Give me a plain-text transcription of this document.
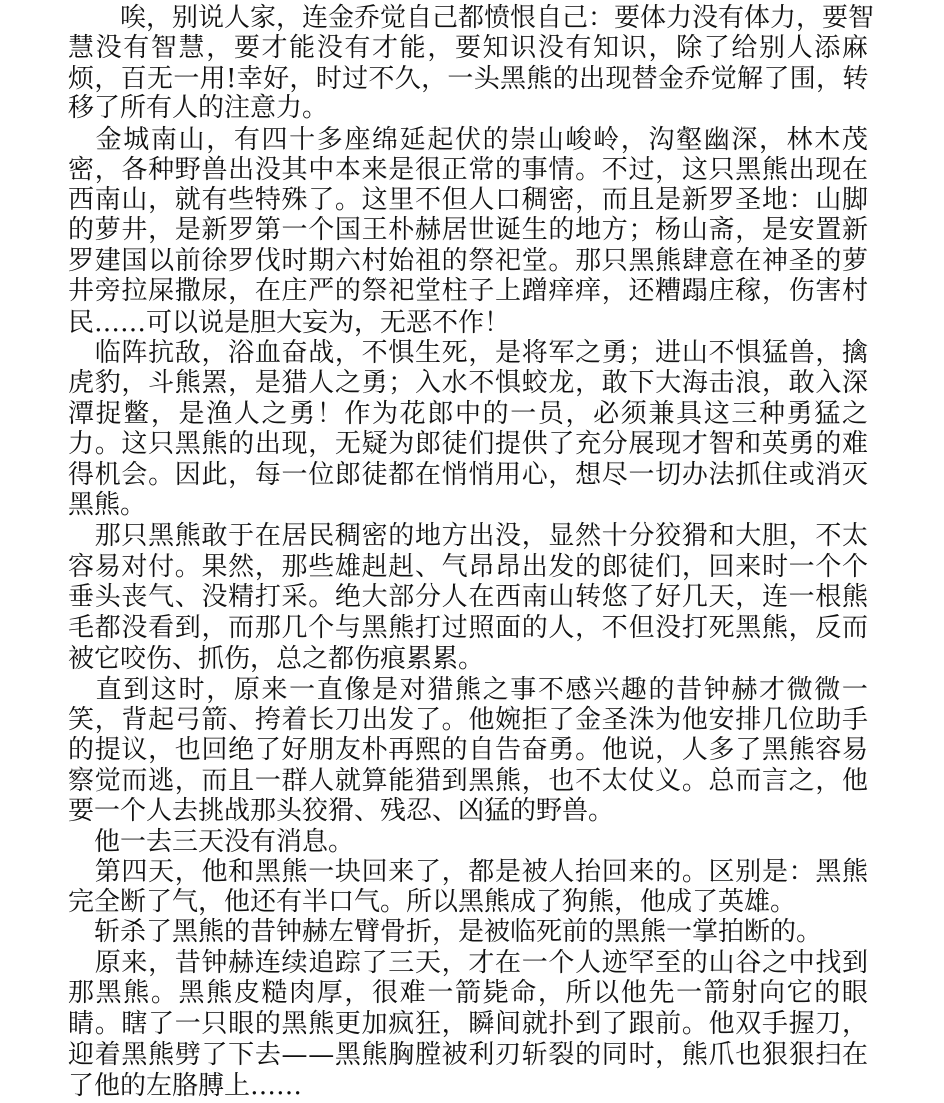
　　唉，别说人家，连金乔觉自己都愤恨自己：要体力没有体力，要智
慧没有智慧，要才能没有才能，要知识没有知识，除了给别人添麻
烦，百无一用!幸好，时过不久，一头黑熊的出现替金乔觉解了围，转
移了所有人的注意力。
　金城南山，有四十多座绵延起伏的崇山峻岭，沟壑幽深，林木茂
密，各种野兽出没其中本来是很正常的事情。不过，这只黑熊出现在
西南山，就有些特殊了。这里不但人口稠密，而且是新罗圣地：山脚
的萝井，是新罗第一个国王朴赫居世诞生的地方；杨山斋，是安置新
罗建国以前徐罗伐时期六村始祖的祭祀堂。那只黑熊肆意在神圣的萝
井旁拉屎撒尿，在庄严的祭祀堂柱子上蹭痒痒，还糟蹋庄稼，伤害村
民……可以说是胆大妄为，无恶不作！
　临阵抗敌，浴血奋战，不惧生死，是将军之勇；进山不惧猛兽，擒
虎豹，斗熊罴，是猎人之勇；入水不惧蛟龙，敢下大海击浪，敢入深
潭捉鳖，是渔人之勇！作为花郎中的一员，必须兼具这三种勇猛之
力。这只黑熊的出现，无疑为郎徒们提供了充分展现才智和英勇的难
得机会。因此，每一位郎徒都在悄悄用心，想尽一切办法抓住或消灭
黑熊。
　那只黑熊敢于在居民稠密的地方出没，显然十分狡猾和大胆，不太
容易对付。果然，那些雄赳赳、气昂昂出发的郎徒们，回来时一个个
垂头丧气、没精打采。绝大部分人在西南山转悠了好几天，连一根熊
毛都没看到，而那几个与黑熊打过照面的人，不但没打死黑熊，反而
被它咬伤、抓伤，总之都伤痕累累。
　直到这时，原来一直像是对猎熊之事不感兴趣的昔钟赫才微微一
笑，背起弓箭、挎着长刀出发了。他婉拒了金圣洙为他安排几位助手
的提议，也回绝了好朋友朴再熙的自告奋勇。他说，人多了黑熊容易
察觉而逃，而且一群人就算能猎到黑熊，也不太仗义。总而言之，他
要一个人去挑战那头狡猾、残忍、凶猛的野兽。
　他一去三天没有消息。
　第四天，他和黑熊一块回来了，都是被人抬回来的。区别是：黑熊
完全断了气，他还有半口气。所以黑熊成了狗熊，他成了英雄。
　斩杀了黑熊的昔钟赫左臂骨折，是被临死前的黑熊一掌拍断的。
　原来，昔钟赫连续追踪了三天，才在一个人迹罕至的山谷之中找到
那黑熊。黑熊皮糙肉厚，很难一箭毙命，所以他先一箭射向它的眼
睛。瞎了一只眼的黑熊更加疯狂，瞬间就扑到了跟前。他双手握刀，
迎着黑熊劈了下去——黑熊胸膛被利刃斩裂的同时，熊爪也狠狠扫在
了他的左胳膊上……
